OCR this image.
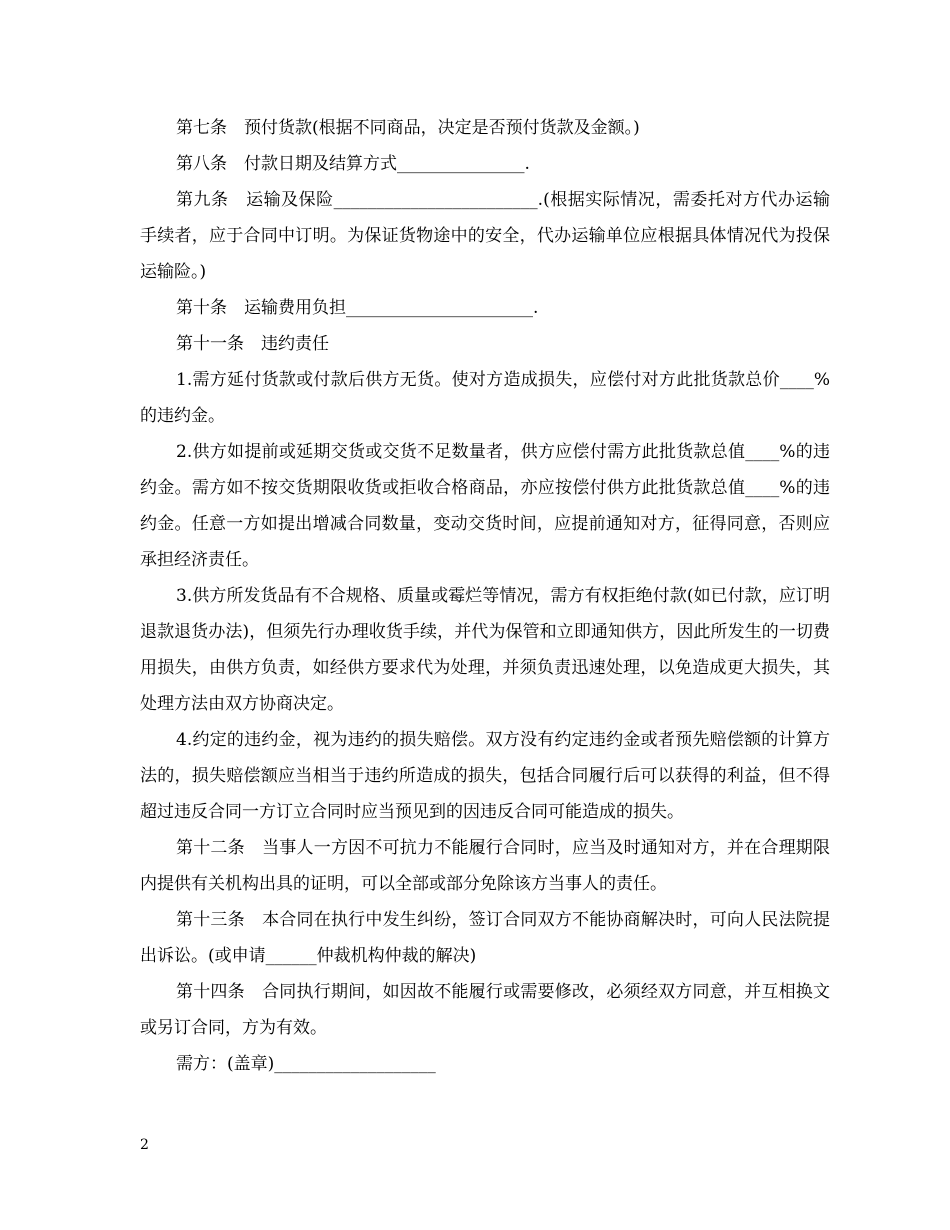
第七条　预付货款(根据不同商品，决定是否预付货款及金额。)

第八条　付款日期及结算方式_______________.

第九条　运输及保险________________________.(根据实际情况，需委托对方代办运输手续者，应于合同中订明。为保证货物途中的安全，代办运输单位应根据具体情况代为投保运输险。)

第十条　运输费用负担______________________.

第十一条　违约责任

1.需方延付货款或付款后供方无货。使对方造成损失，应偿付对方此批货款总价____%的违约金。

2.供方如提前或延期交货或交货不足数量者，供方应偿付需方此批货款总值____%的违约金。需方如不按交货期限收货或拒收合格商品，亦应按偿付供方此批货款总值____%的违约金。任意一方如提出增减合同数量，变动交货时间，应提前通知对方，征得同意，否则应承担经济责任。

3.供方所发货品有不合规格、质量或霉烂等情况，需方有权拒绝付款(如已付款，应订明退款退货办法)，但须先行办理收货手续，并代为保管和立即通知供方，因此所发生的一切费用损失，由供方负责，如经供方要求代为处理，并须负责迅速处理，以免造成更大损失，其处理方法由双方协商决定。

4.约定的违约金，视为违约的损失赔偿。双方没有约定违约金或者预先赔偿额的计算方法的，损失赔偿额应当相当于违约所造成的损失，包括合同履行后可以获得的利益，但不得超过违反合同一方订立合同时应当预见到的因违反合同可能造成的损失。

第十二条　当事人一方因不可抗力不能履行合同时，应当及时通知对方，并在合理期限内提供有关机构出具的证明，可以全部或部分免除该方当事人的责任。

第十三条　本合同在执行中发生纠纷，签订合同双方不能协商解决时，可向人民法院提出诉讼。(或申请______仲裁机构仲裁的解决)

第十四条　合同执行期间，如因故不能履行或需要修改，必须经双方同意，并互相换文或另订合同，方为有效。

需方：(盖章)___________________

2
